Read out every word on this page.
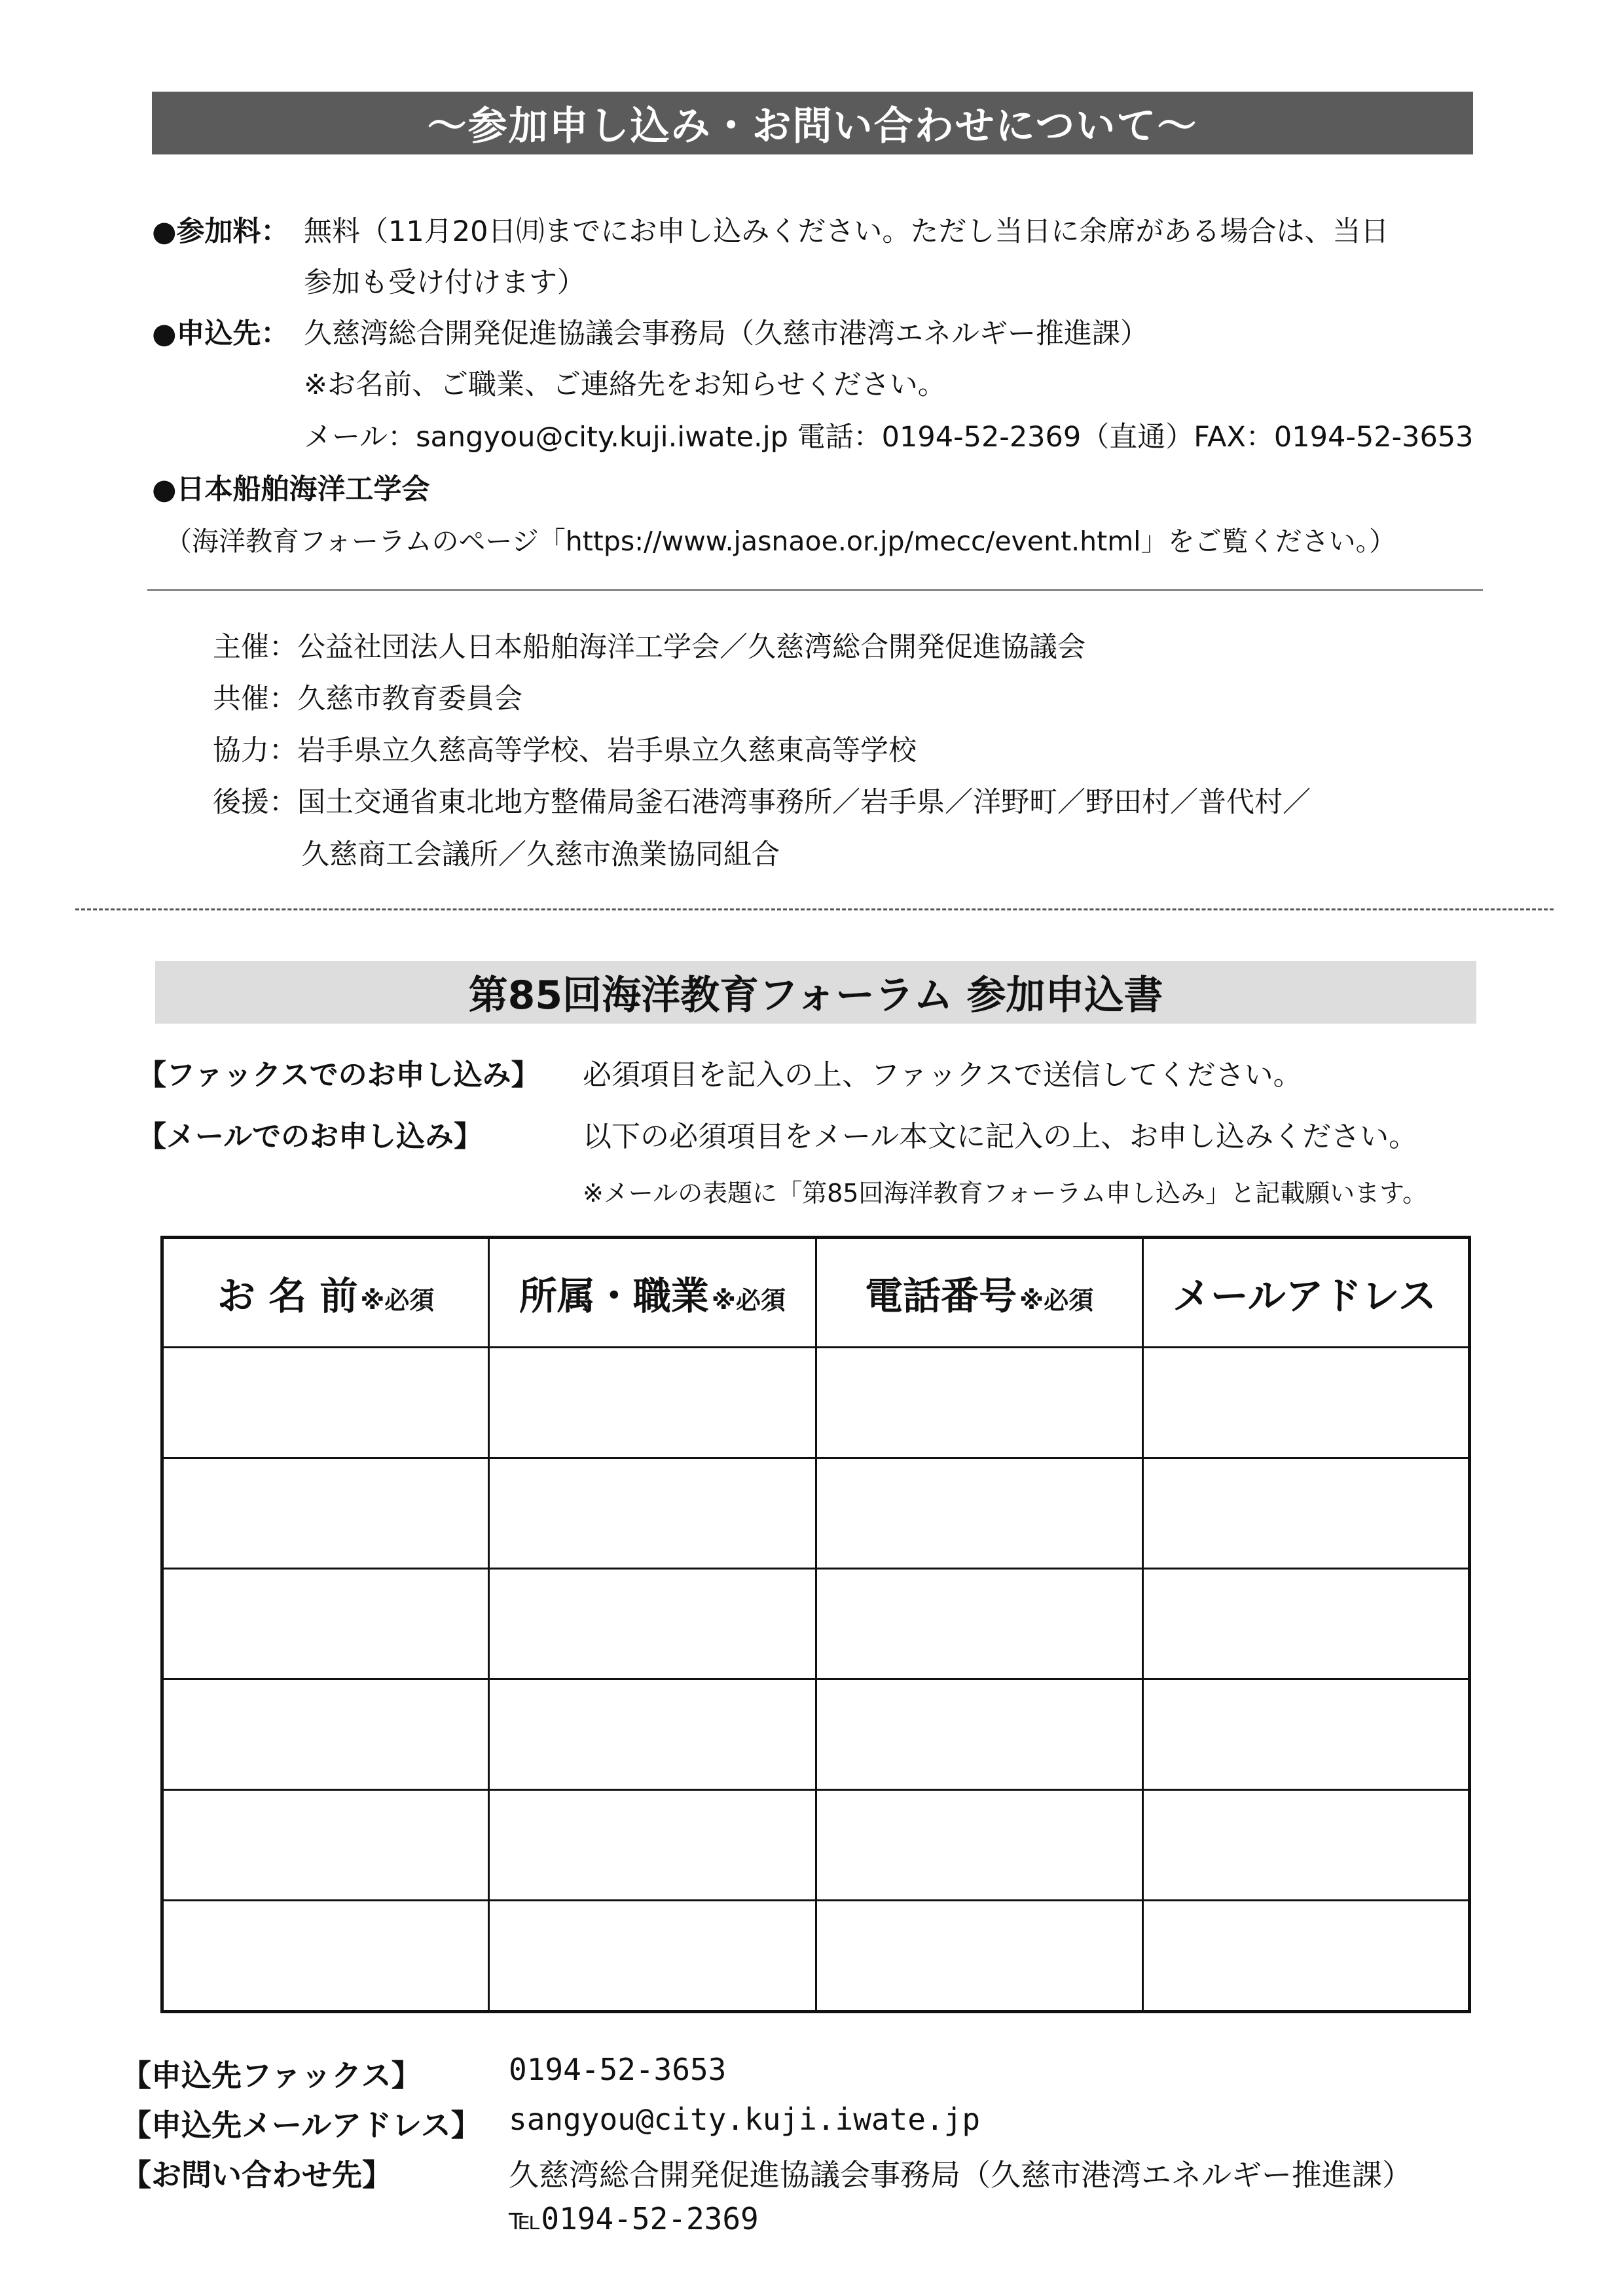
～参加申し込み・お問い合わせについて～
●参加料： 無料（11月20日㈪までにお申し込みください。ただし当日に余席がある場合は、当日
参加も受け付けます）
●申込先： 久慈湾総合開発促進協議会事務局（久慈市港湾エネルギー推進課）
※お名前、ご職業、ご連絡先をお知らせください。
メール：sangyou@city.kuji.iwate.jp 電話：0194-52-2369（直通）FAX：0194-52-3653
●日本船舶海洋工学会
（海洋教育フォーラムのページ「https://www.jasnaoe.or.jp/mecc/event.html」をご覧ください。）
主催：公益社団法人日本船舶海洋工学会／久慈湾総合開発促進協議会
共催：久慈市教育委員会
協力：岩手県立久慈高等学校、岩手県立久慈東高等学校
後援：国土交通省東北地方整備局釜石港湾事務所／岩手県／洋野町／野田村／普代村／
久慈商工会議所／久慈市漁業協同組合
第85回海洋教育フォーラム 参加申込書
【ファックスでのお申し込み】 必須項目を記入の上、ファックスで送信してください。
【メールでのお申し込み】	以下の必須項目をメール本文に記入の上、お申し込みください。
※メールの表題に「第85回海洋教育フォーラム申し込み」と記載願います。
お 名 前 ※必須	所属・職業 ※必須	電話番号 ※必須	メールアドレス

【申込先ファックス】	0194-52-3653
【申込先メールアドレス】 sangyou@city.kuji.iwate.jp
【お問い合わせ先】	久慈湾総合開発促進協議会事務局（久慈市港湾エネルギー推進課）
℡0194-52-2369
